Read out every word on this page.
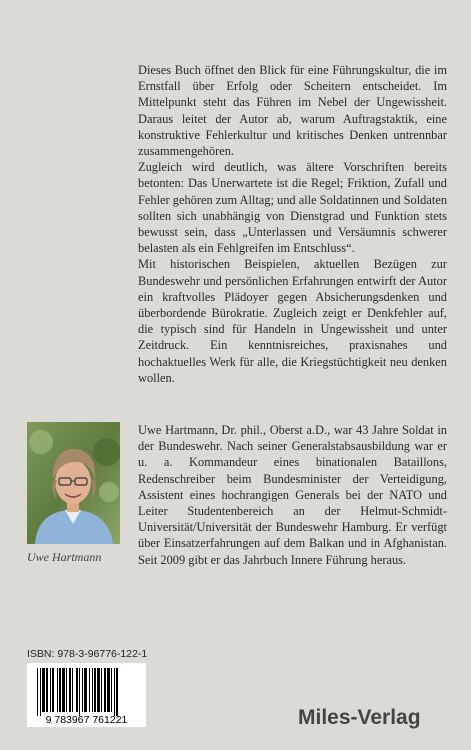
Dieses Buch öffnet den Blick für eine Führungskultur, die im Ernstfall über Erfolg oder Scheitern entscheidet. Im Mittelpunkt steht das Führen im Nebel der Ungewissheit. Daraus leitet der Autor ab, warum Auftragstaktik, eine konstruktive Fehlerkultur und kritisches Denken untrennbar zusammengehören.

Zugleich wird deutlich, was ältere Vorschriften bereits betonten: Das Unerwartete ist die Regel; Friktion, Zufall und Fehler gehören zum Alltag; und alle Soldatinnen und Soldaten sollten sich unabhängig von Dienstgrad und Funktion stets bewusst sein, dass „Unterlassen und Versäumnis schwerer belasten als ein Fehlgreifen im Entschluss“.

Mit historischen Beispielen, aktuellen Bezügen zur Bundeswehr und persönlichen Erfahrungen entwirft der Autor ein kraftvolles Plädoyer gegen Absicherungsdenken und überbordende Bürokratie. Zugleich zeigt er Denkfehler auf, die typisch sind für Handeln in Ungewissheit und unter Zeitdruck. Ein kenntnisreiches, praxisnahes und hochaktuelles Werk für alle, die Kriegstüchtigkeit neu denken wollen.

Uwe Hartmann

Uwe Hartmann, Dr. phil., Oberst a.D., war 43 Jahre Soldat in der Bundeswehr. Nach seiner Generalstabsausbildung war er u. a. Kommandeur eines binationalen Bataillons, Redenschreiber beim Bundesminister der Verteidigung, Assistent eines hochrangigen Generals bei der NATO und Leiter Studentenbereich an der Helmut-Schmidt-Universität/Universität der Bundeswehr Hamburg. Er verfügt über Einsatzerfahrungen auf dem Balkan und in Afghanistan. Seit 2009 gibt er das Jahrbuch Innere Führung heraus.

ISBN: 978-3-96776-122-1
9 783967 761221	Miles-Verlag
